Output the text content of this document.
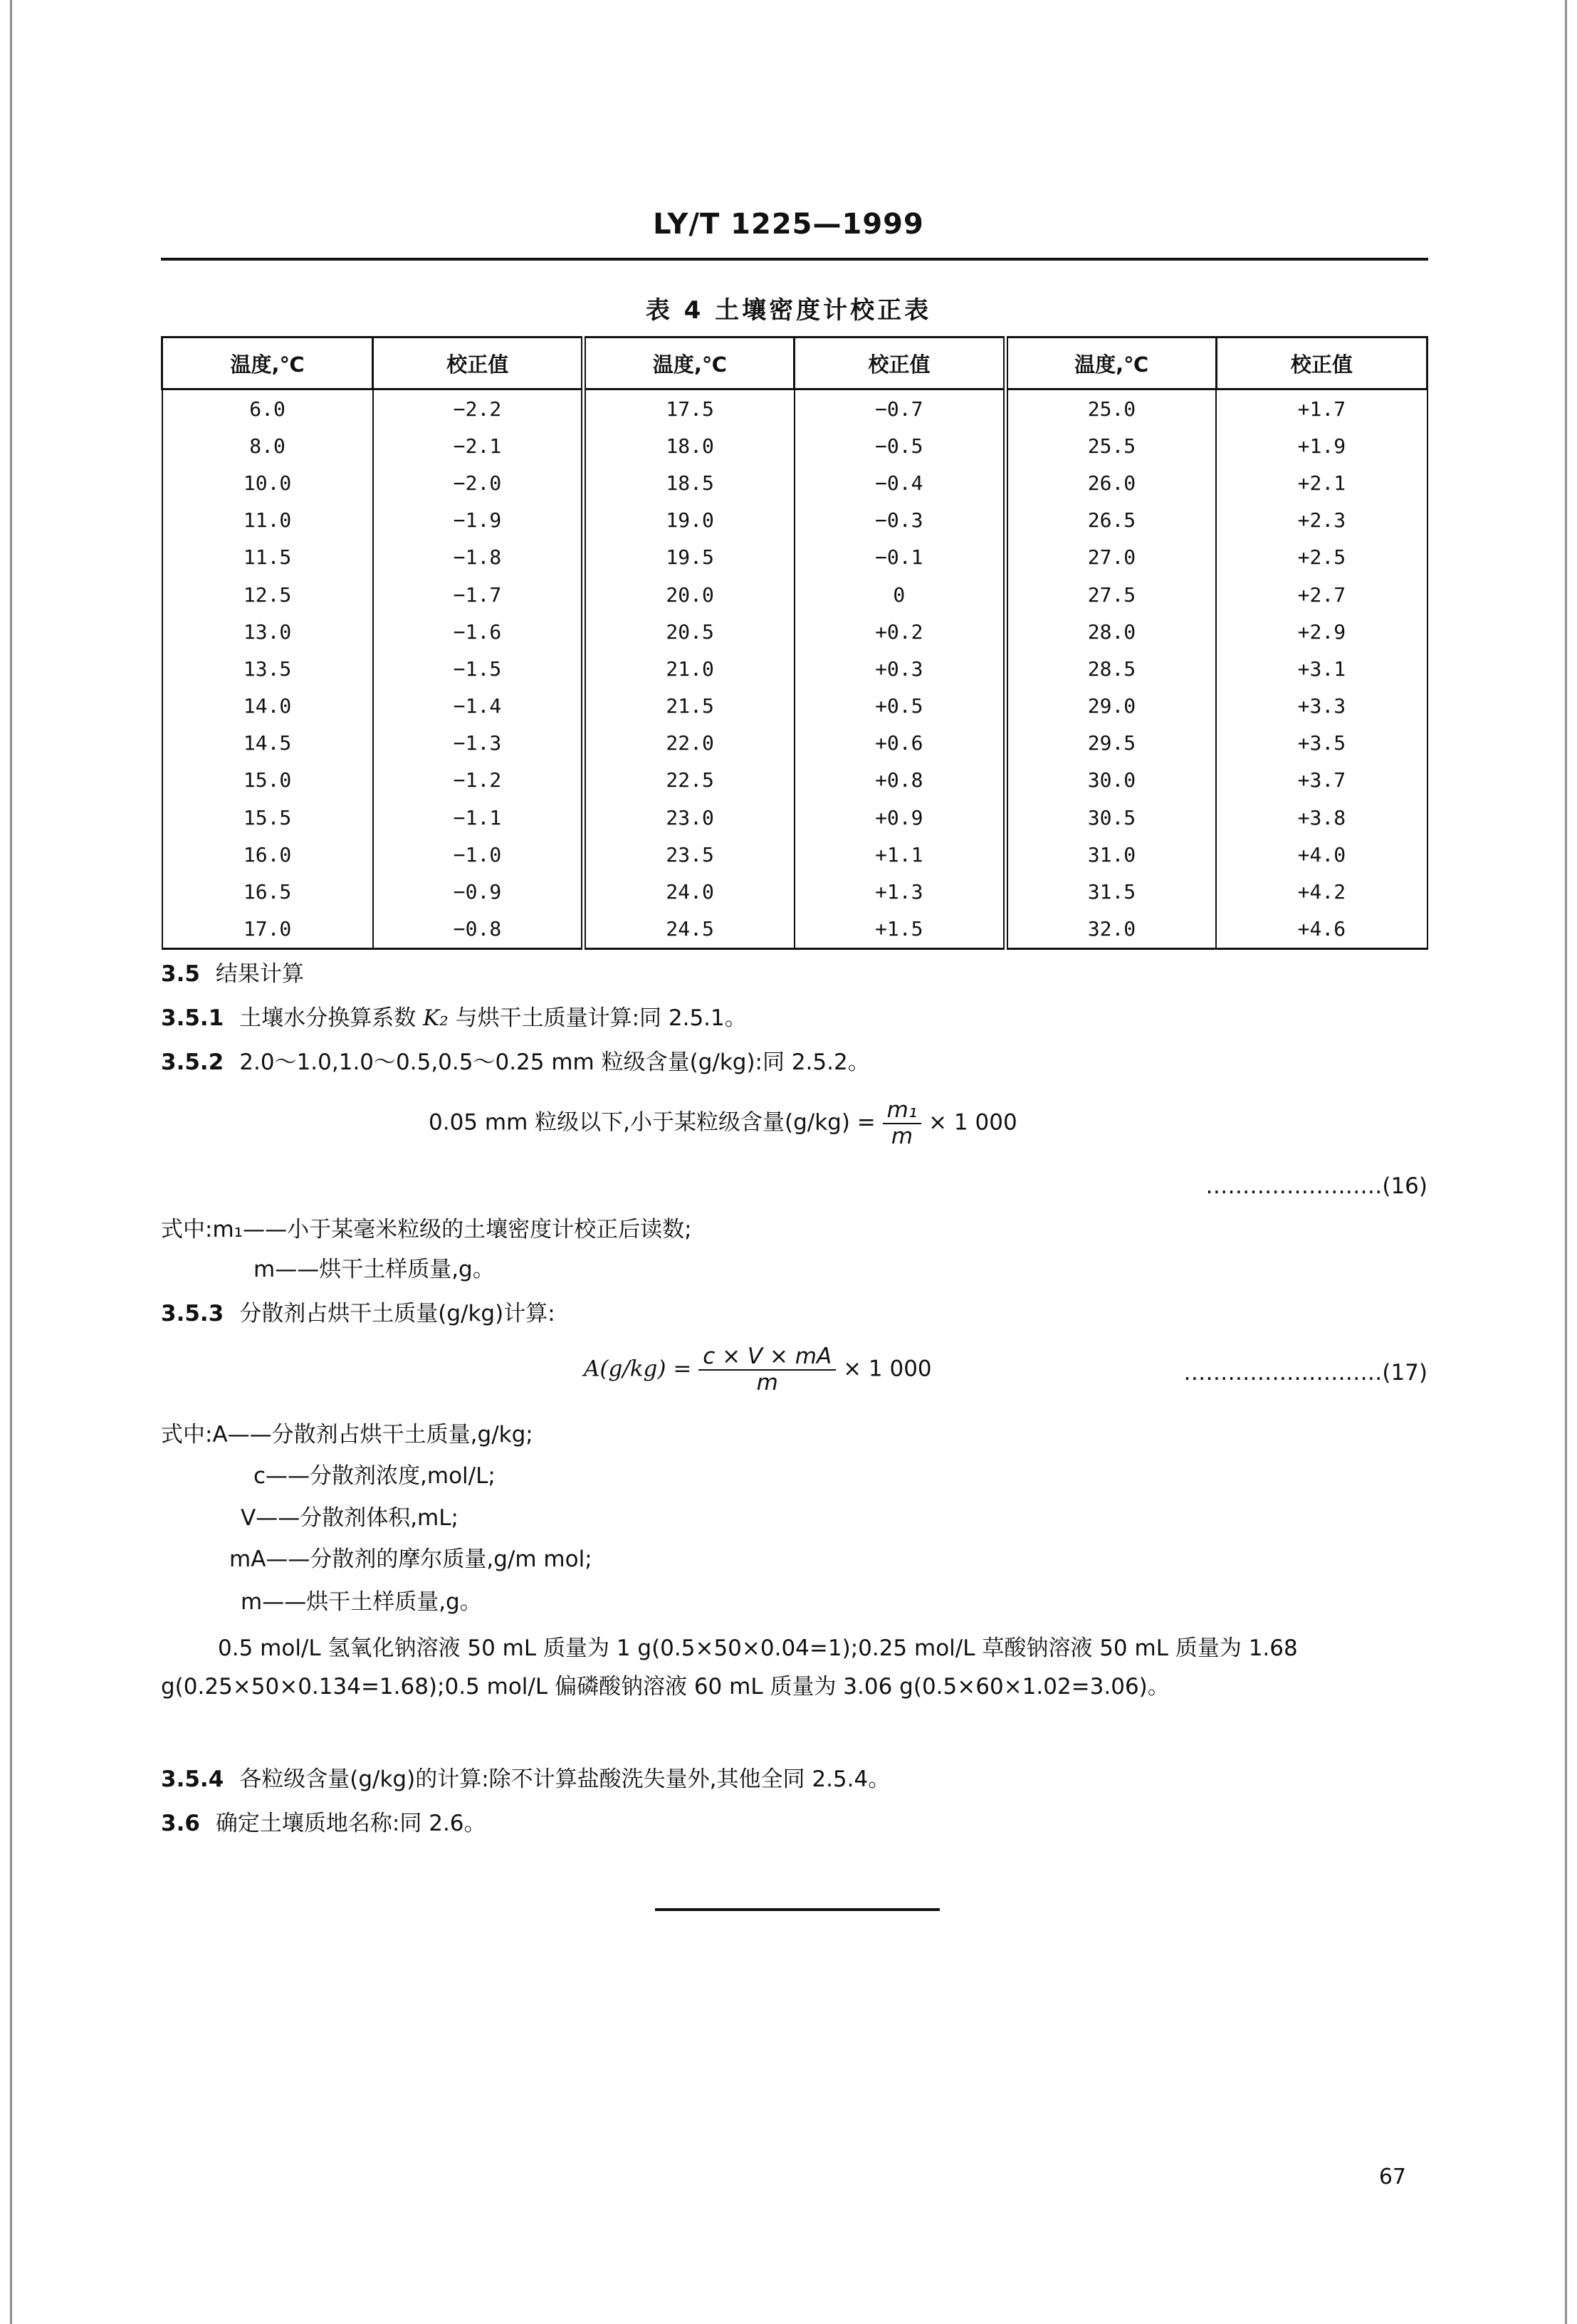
LY/T 1225—1999
表 4 土壤密度计校正表
温度,℃	校正值	温度,℃	校正值	温度,℃	校正值
6.0	−2.2	17.5	−0.7	25.0	+1.7
8.0	−2.1	18.0	−0.5	25.5	+1.9
10.0	−2.0	18.5	−0.4	26.0	+2.1
11.0	−1.9	19.0	−0.3	26.5	+2.3
11.5	−1.8	19.5	−0.1	27.0	+2.5
12.5	−1.7	20.0	0	27.5	+2.7
13.0	−1.6	20.5	+0.2	28.0	+2.9
13.5	−1.5	21.0	+0.3	28.5	+3.1
14.0	−1.4	21.5	+0.5	29.0	+3.3
14.5	−1.3	22.0	+0.6	29.5	+3.5
15.0	−1.2	22.5	+0.8	30.0	+3.7
15.5	−1.1	23.0	+0.9	30.5	+3.8
16.0	−1.0	23.5	+1.1	31.0	+4.0
16.5	−0.9	24.0	+1.3	31.5	+4.2
17.0	−0.8	24.5	+1.5	32.0	+4.6
3.5 结果计算
3.5.1 土壤水分换算系数 K₂ 与烘干土质量计算:同 2.5.1。
3.5.2 2.0～1.0,1.0～0.5,0.5～0.25 mm 粒级含量(g/kg):同 2.5.2。
0.05 mm 粒级以下,小于某粒级含量$(g/kg) = \frac{\text{m₁}}{m} \times 1$ 000
……………………(16)
式中:m₁——小于某毫米粒级的土壤密度计校正后读数;
m——烘干土样质量,g。
3.5.3 分散剂占烘干土质量(g/kg)计算:
$A(g/kg) = \frac{c \times V \times mA}{m} \times 1$ 000	………………………(17)
式中:A——分散剂占烘干土质量,g/kg;
c——分散剂浓度,mol/L;
V——分散剂体积,mL;
mA——分散剂的摩尔质量,g/m mol;
m——烘干土样质量,g。
0.5 mol/L 氢氧化钠溶液 50 mL 质量为 1 g(0.5×50×0.04=1);0.25 mol/L 草酸钠溶液 50 mL 质量为 1.68 g(0.25×50×0.134=1.68);0.5 mol/L 偏磷酸钠溶液 60 mL 质量为 3.06 g(0.5×60×1.02=3.06)。
3.5.4 各粒级含量(g/kg)的计算:除不计算盐酸洗失量外,其他全同 2.5.4。
3.6 确定土壤质地名称:同 2.6。
67
